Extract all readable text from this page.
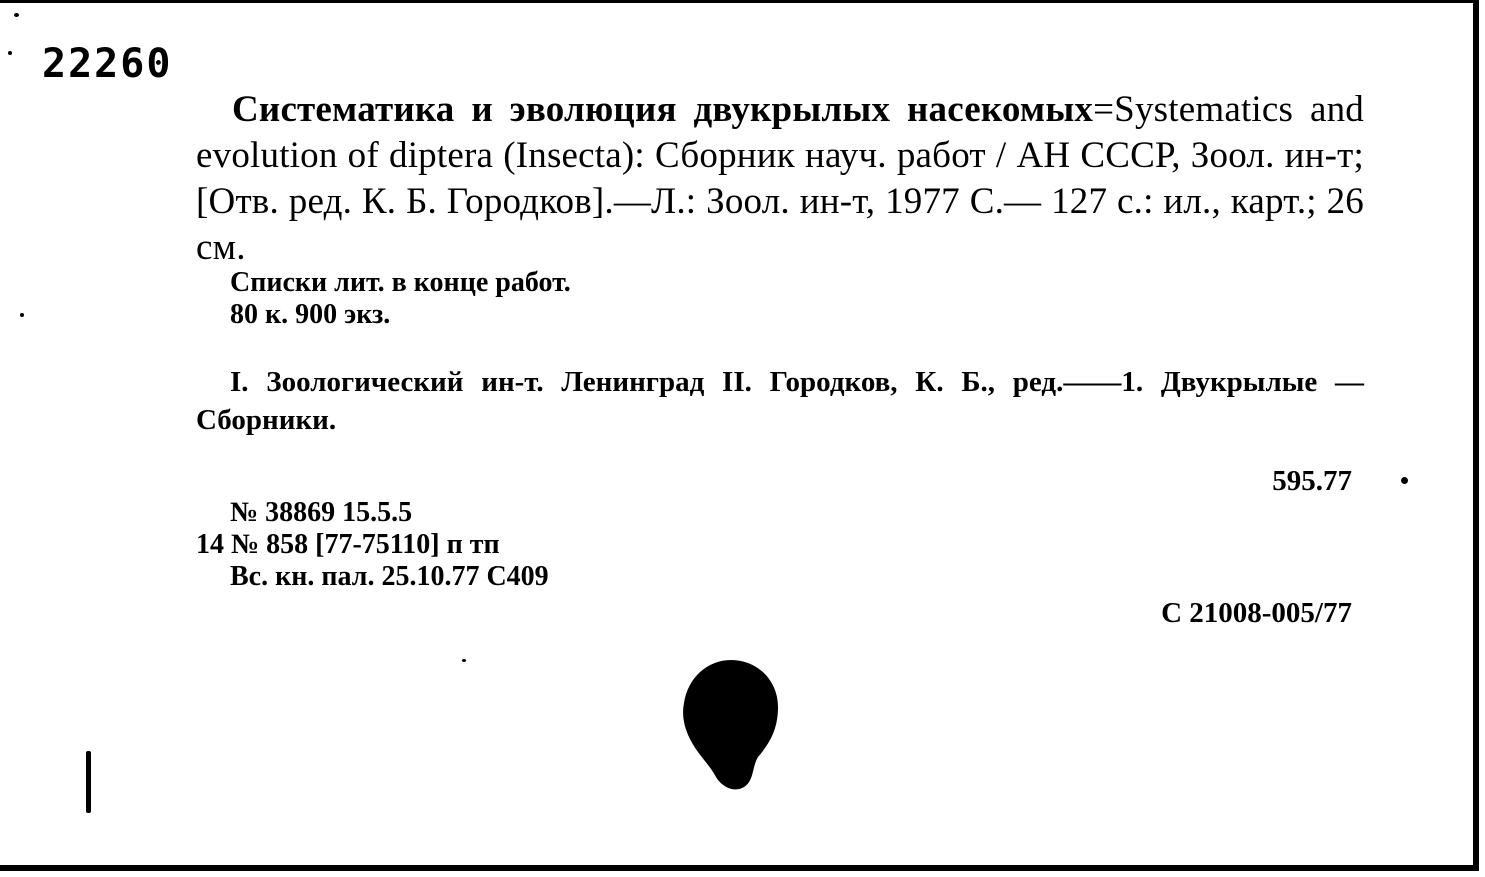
22260

Систематика и эволюция двукрылых насекомых=Systematics and evolution of diptera (Insecta): Сборник науч. работ / АН СССР, Зоол. ин-т; [Отв. ред. К. Б. Городков].—Л.: Зоол. ин-т, 1977 С.— 127 с.: ил., карт.; 26 см.

Списки лит. в конце работ.

80 к. 900 экз.

I. Зоологический ин-т. Ленинград II. Городков, К. Б., ред.——1. Двукрылые — Сборники.

595.77

№ 38869 15.5.5

14 № 858 [77-75110] п тп

Вс. кн. пал. 25.10.77 С409

С 21008-005/77
